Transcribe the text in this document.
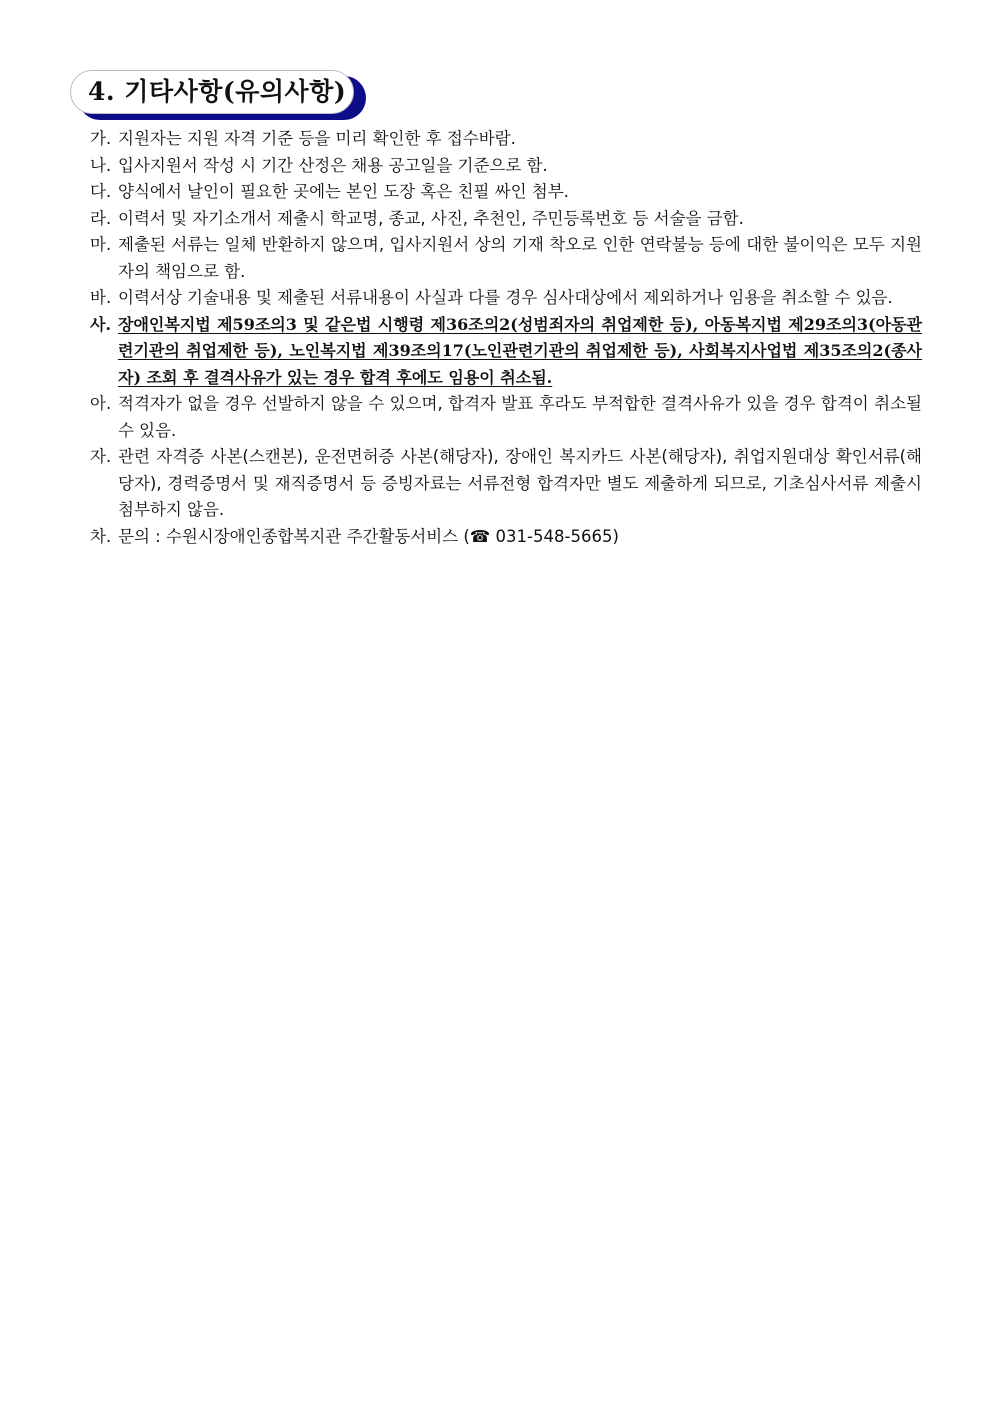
4. 기타사항(유의사항)
가. 지원자는 지원 자격 기준 등을 미리 확인한 후 접수바람.
나. 입사지원서 작성 시 기간 산정은 채용 공고일을 기준으로 함.
다. 양식에서 날인이 필요한 곳에는 본인 도장 혹은 친필 싸인 첨부.
라. 이력서 및 자기소개서 제출시 학교명, 종교, 사진, 추천인, 주민등록번호 등 서술을 금함.
마. 제출된 서류는 일체 반환하지 않으며, 입사지원서 상의 기재 착오로 인한 연락불능 등에 대한 불이익은 모두 지원자의 책임으로 함.
바. 이력서상 기술내용 및 제출된 서류내용이 사실과 다를 경우 심사대상에서 제외하거나 임용을 취소할 수 있음.
사. 장애인복지법 제59조의3 및 같은법 시행령 제36조의2(성범죄자의 취업제한 등), 아동복지법 제29조의3(아동관련기관의 취업제한 등), 노인복지법 제39조의17(노인관련기관의 취업제한 등), 사회복지사업법 제35조의2(종사자) 조회 후 결격사유가 있는 경우 합격 후에도 임용이 취소됨.
아. 적격자가 없을 경우 선발하지 않을 수 있으며, 합격자 발표 후라도 부적합한 결격사유가 있을 경우 합격이 취소될 수 있음.
자. 관련 자격증 사본(스캔본), 운전면허증 사본(해당자), 장애인 복지카드 사본(해당자), 취업지원대상 확인서류(해당자), 경력증명서 및 재직증명서 등 증빙자료는 서류전형 합격자만 별도 제출하게 되므로, 기초심사서류 제출시 첨부하지 않음.
차. 문의 : 수원시장애인종합복지관 주간활동서비스 (☎ 031-548-5665)
